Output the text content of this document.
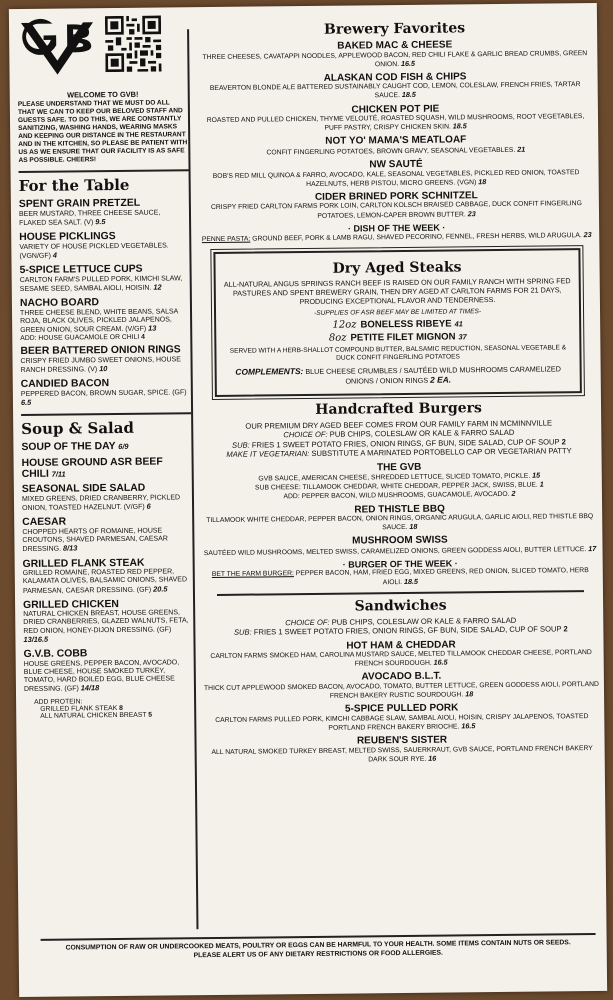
WELCOME TO GVB!
PLEASE UNDERSTAND THAT WE MUST DO ALL THAT WE CAN TO KEEP OUR BELOVED STAFF AND GUESTS SAFE. TO DO THIS, WE ARE CONSTANTLY SANITIZING, WASHING HANDS, WEARING MASKS AND KEEPING OUR DISTANCE IN THE RESTAURANT AND IN THE KITCHEN, SO PLEASE BE PATIENT WITH US AS WE ENSURE THAT OUR FACILITY IS AS SAFE AS POSSIBLE. CHEERS!
For the Table
SPENT GRAIN PRETZEL
BEER MUSTARD, THREE CHEESE SAUCE, FLAKED SEA SALT. (V) 9.5
HOUSE PICKLINGS
VARIETY OF HOUSE PICKLED VEGETABLES. (VGN/GF) 4
5-SPICE LETTUCE CUPS
CARLTON FARM'S PULLED PORK, KIMCHI SLAW, SESAME SEED, SAMBAL AIOLI, HOISIN. 12
NACHO BOARD
THREE CHEESE BLEND, WHITE BEANS, SALSA ROJA, BLACK OLIVES, PICKLED JALAPENOS, GREEN ONION, SOUR CREAM. (V/GF) 13
ADD: HOUSE GUACAMOLE OR CHILI 4
BEER BATTERED ONION RINGS
CRISPY FRIED JUMBO SWEET ONIONS, HOUSE RANCH DRESSING. (V) 10
CANDIED BACON
PEPPERED BACON, BROWN SUGAR, SPICE. (GF) 6.5
Soup & Salad
SOUP OF THE DAY 6/9
HOUSE GROUND ASR BEEF CHILI 7/11
SEASONAL SIDE SALAD
MIXED GREENS, DRIED CRANBERRY, PICKLED ONION, TOASTED HAZELNUT. (V/GF) 6
CAESAR
CHOPPED HEARTS OF ROMAINE, HOUSE CROUTONS, SHAVED PARMESAN, CAESAR DRESSING. 8/13
GRILLED FLANK STEAK
GRILLED ROMAINE, ROASTED RED PEPPER, KALAMATA OLIVES, BALSAMIC ONIONS, SHAVED PARMESAN, CAESAR DRESSING. (GF) 20.5
GRILLED CHICKEN
NATURAL CHICKEN BREAST, HOUSE GREENS, DRIED CRANBERRIES, GLAZED WALNUTS, FETA, RED ONION, HONEY-DIJON DRESSING. (GF) 13/16.5
G.V.B. COBB
HOUSE GREENS, PEPPER BACON, AVOCADO, BLUE CHEESE, HOUSE SMOKED TURKEY, TOMATO, HARD BOILED EGG, BLUE CHEESE DRESSING. (GF) 14/18
ADD PROTEIN:
GRILLED FLANK STEAK 8
ALL NATURAL CHICKEN BREAST 5
Brewery Favorites
BAKED MAC & CHEESE
THREE CHEESES, CAVATAPPI NOODLES, APPLEWOOD BACON, RED CHILI FLAKE & GARLIC BREAD CRUMBS, GREEN ONION. 16.5
ALASKAN COD FISH & CHIPS
BEAVERTON BLONDE ALE BATTERED SUSTAINABLY CAUGHT COD, LEMON, COLESLAW, FRENCH FRIES, TARTAR SAUCE. 18.5
CHICKEN POT PIE
ROASTED AND PULLED CHICKEN, THYME VELOUTÉ, ROASTED SQUASH, WILD MUSHROOMS, ROOT VEGETABLES, PUFF PASTRY, CRISPY CHICKEN SKIN. 18.5
NOT YO' MAMA'S MEATLOAF
CONFIT FINGERLING POTATOES, BROWN GRAVY, SEASONAL VEGETABLES. 21
NW SAUTÉ
BOB'S RED MILL QUINOA & FARRO, AVOCADO, KALE, SEASONAL VEGETABLES, PICKLED RED ONION, TOASTED HAZELNUTS, HERB PISTOU, MICRO GREENS. (VGN) 18
CIDER BRINED PORK SCHNITZEL
CRISPY FRIED CARLTON FARMS PORK LOIN, CARLTON KOLSCH BRAISED CABBAGE, DUCK CONFIT FINGERLING POTATOES, LEMON-CAPER BROWN BUTTER. 23
· DISH OF THE WEEK ·
PENNE PASTA: GROUND BEEF, PORK & LAMB RAGU, SHAVED PECORINO, FENNEL, FRESH HERBS, WILD ARUGULA. 23
Dry Aged Steaks
ALL-NATURAL ANGUS SPRINGS RANCH BEEF IS RAISED ON OUR FAMILY RANCH WITH SPRING FED PASTURES AND SPENT BREWERY GRAIN, THEN DRY AGED AT CARLTON FARMS FOR 21 DAYS, PRODUCING EXCEPTIONAL FLAVOR AND TENDERNESS.
-SUPPLIES OF ASR BEEF MAY BE LIMITED AT TIMES-
12oz BONELESS RIBEYE 41
8oz PETITE FILET MIGNON 37
SERVED WITH A HERB-SHALLOT COMPOUND BUTTER, BALSAMIC REDUCTION, SEASONAL VEGETABLE & DUCK CONFIT FINGERLING POTATOES
COMPLEMENTS: BLUE CHEESE CRUMBLES / SAUTÉED WILD MUSHROOMS CARAMELIZED ONIONS / ONION RINGS 2 EA.
Handcrafted Burgers
OUR PREMIUM DRY AGED BEEF COMES FROM OUR FAMILY FARM IN MCMINNVILLE
CHOICE OF: PUB CHIPS, COLESLAW OR KALE & FARRO SALAD
SUB: FRIES 1 SWEET POTATO FRIES, ONION RINGS, GF BUN, SIDE SALAD, CUP OF SOUP 2
MAKE IT VEGETARIAN: SUBSTITUTE A MARINATED PORTOBELLO CAP OR VEGETARIAN PATTY
THE GVB
GVB SAUCE, AMERICAN CHEESE, SHREDDED LETTUCE, SLICED TOMATO, PICKLE. 15
SUB CHEESE: TILLAMOOK CHEDDAR, WHITE CHEDDAR, PEPPER JACK, SWISS, BLUE. 1
ADD: PEPPER BACON, WILD MUSHROOMS, GUACAMOLE, AVOCADO. 2
RED THISTLE BBQ
TILLAMOOK WHITE CHEDDAR, PEPPER BACON, ONION RINGS, ORGANIC ARUGULA, GARLIC AIOLI, RED THISTLE BBQ SAUCE. 18
MUSHROOM SWISS
SAUTÉED WILD MUSHROOMS, MELTED SWISS, CARAMELIZED ONIONS, GREEN GODDESS AIOLI, BUTTER LETTUCE. 17
· BURGER OF THE WEEK ·
BET THE FARM BURGER: PEPPER BACON, HAM, FRIED EGG, MIXED GREENS, RED ONION, SLICED TOMATO, HERB AIOLI. 18.5
Sandwiches
CHOICE OF: PUB CHIPS, COLESLAW OR KALE & FARRO SALAD
SUB: FRIES 1 SWEET POTATO FRIES, ONION RINGS, GF BUN, SIDE SALAD, CUP OF SOUP 2
HOT HAM & CHEDDAR
CARLTON FARMS SMOKED HAM, CAROLINA MUSTARD SAUCE, MELTED TILLAMOOK CHEDDAR CHEESE, PORTLAND FRENCH SOURDOUGH. 16.5
AVOCADO B.L.T.
THICK CUT APPLEWOOD SMOKED BACON, AVOCADO, TOMATO, BUTTER LETTUCE, GREEN GODDESS AIOLI, PORTLAND FRENCH BAKERY RUSTIC SOURDOUGH. 18
5-SPICE PULLED PORK
CARLTON FARMS PULLED PORK, KIMCHI CABBAGE SLAW, SAMBAL AIOLI, HOISIN, CRISPY JALAPENOS, TOASTED PORTLAND FRENCH BAKERY BRIOCHE. 16.5
REUBEN'S SISTER
ALL NATURAL SMOKED TURKEY BREAST, MELTED SWISS, SAUERKRAUT, GVB SAUCE, PORTLAND FRENCH BAKERY DARK SOUR RYE. 16
CONSUMPTION OF RAW OR UNDERCOOKED MEATS, POULTRY OR EGGS CAN BE HARMFUL TO YOUR HEALTH. SOME ITEMS CONTAIN NUTS OR SEEDS.
PLEASE ALERT US OF ANY DIETARY RESTRICTIONS OR FOOD ALLERGIES.
